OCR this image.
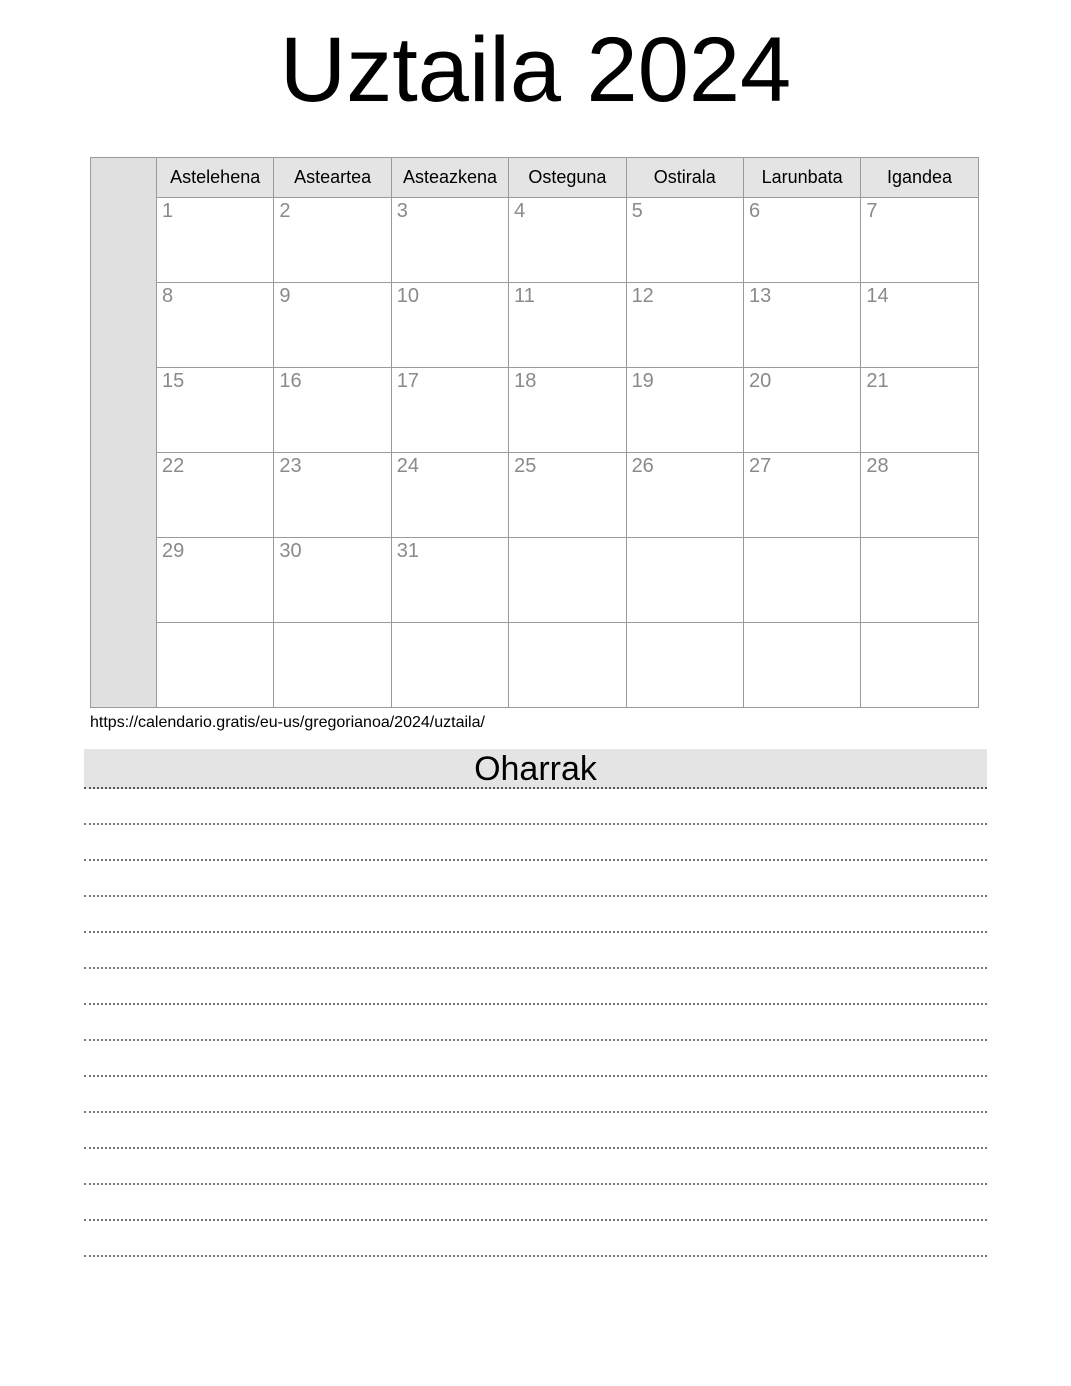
Uztaila 2024
	Astelehena	Asteartea	Asteazkena	Osteguna	Ostirala	Larunbata	Igandea

	1	2	3	4	5	6	7

	8	9	10	11	12	13	14

	15	16	17	18	19	20	21

	22	23	24	25	26	27	28

	29	30	31				

https://calendario.gratis/eu-us/gregorianoa/2024/uztaila/
Oharrak
